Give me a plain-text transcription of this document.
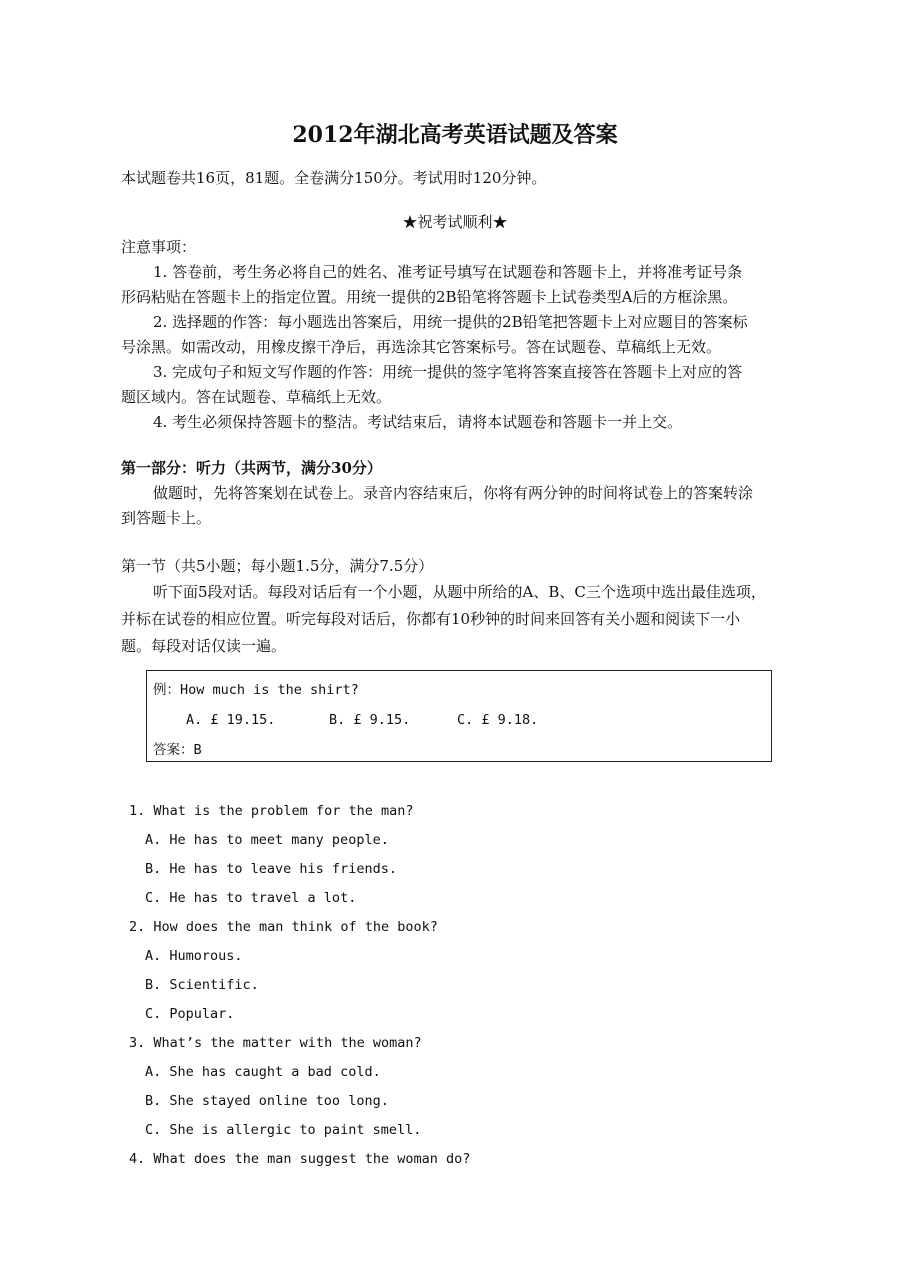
2012年湖北高考英语试题及答案
本试题卷共16页，81题。全卷满分150分。考试用时120分钟。
★祝考试顺利★
注意事项：
1. 答卷前，考生务必将自己的姓名、准考证号填写在试题卷和答题卡上，并将准考证号条
形码粘贴在答题卡上的指定位置。用统一提供的2B铅笔将答题卡上试卷类型A后的方框涂黑。
2. 选择题的作答：每小题选出答案后，用统一提供的2B铅笔把答题卡上对应题目的答案标
号涂黑。如需改动，用橡皮擦干净后，再选涂其它答案标号。答在试题卷、草稿纸上无效。
3. 完成句子和短文写作题的作答：用统一提供的签字笔将答案直接答在答题卡上对应的答
题区域内。答在试题卷、草稿纸上无效。
4. 考生必须保持答题卡的整洁。考试结束后，请将本试题卷和答题卡一并上交。
第一部分：听力（共两节，满分30分）
做题时，先将答案划在试卷上。录音内容结束后，你将有两分钟的时间将试卷上的答案转涂
到答题卡上。
第一节（共5小题；每小题1.5分，满分7.5分）
听下面5段对话。每段对话后有一个小题，从题中所给的A、B、C三个选项中选出最佳选项，
并标在试卷的相应位置。听完每段对话后，你都有10秒钟的时间来回答有关小题和阅读下一小
题。每段对话仅读一遍。
例：How much is the shirt?
A. £ 19.15.	B. £ 9.15.	C. £ 9.18.
答案：B
1. What is the problem for the man?
A. He has to meet many people.
B. He has to leave his friends.
C. He has to travel a lot.
2. How does the man think of the book?
A. Humorous.
B. Scientific.
C. Popular.
3. What’s the matter with the woman?
A. She has caught a bad cold.
B. She stayed online too long.
C. She is allergic to paint smell.
4. What does the man suggest the woman do?
